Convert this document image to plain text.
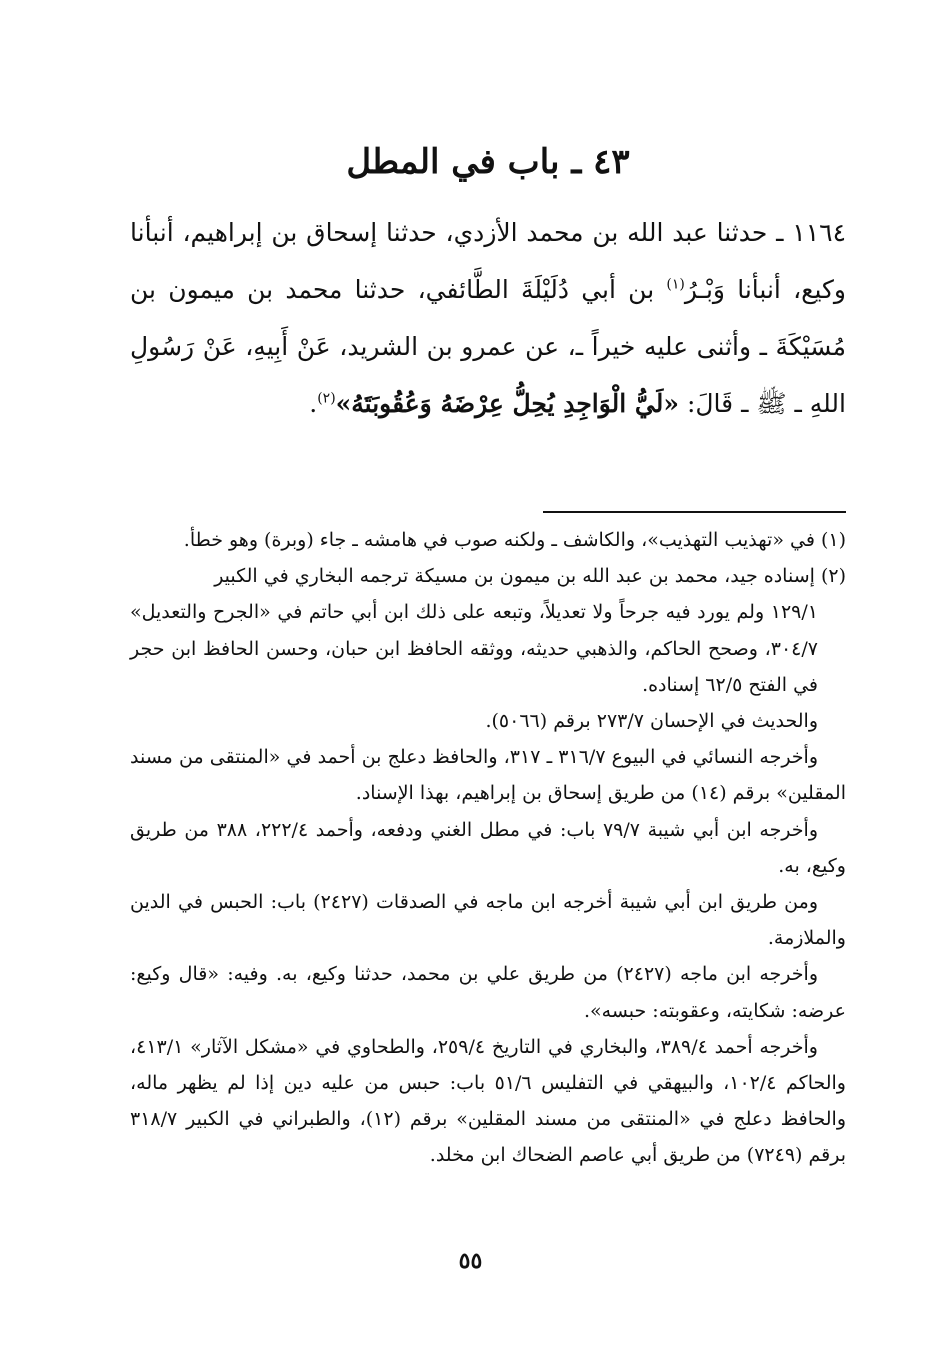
٤٣ ـ باب في المطل

١١٦٤ ـ حدثنا عبد الله بن محمد الأزدي، حدثنا إسحاق بن إبراهيم، أنبأنا وكيع، أنبأنا وَبْـرُ$^{(١)}$ بن أبي دُلَيْلَةَ الطَّائفي، حدثنا محمد بن ميمون بن مُسَيْكَةَ ـ وأثنى عليه خيراً ـ، عن عمرو بن الشريد، عَنْ أَبِيهِ، عَنْ رَسُولِ اللهِ ـ ﷺ ـ قَالَ: «لَيُّ الْوَاجِدِ يُحِلُّ عِرْضَهُ وَعُقُوبَتَهُ»$^{(٢)}$.

(١) في «تهذيب التهذيب»، والكاشف ـ ولكنه صوب في هامشه ـ جاء (وبرة) وهو خطأ.

(٢) إسناده جيد، محمد بن عبد الله بن ميمون بن مسيكة ترجمه البخاري في الكبير

١٢٩/١ ولم يورد فيه جرحاً ولا تعديلاً، وتبعه على ذلك ابن أبي حاتم في «الجرح والتعديل» ٣٠٤/٧، وصحح الحاكم، والذهبي حديثه، ووثقه الحافظ ابن حبان، وحسن الحافظ ابن حجر في الفتح ٦٢/٥ إسناده.

والحديث في الإحسان ٢٧٣/٧ برقم (٥٠٦٦).

وأخرجه النسائي في البيوع ٣١٦/٧ ـ ٣١٧، والحافظ دعلج بن أحمد في «المنتقى من مسند المقلين» برقم (١٤) من طريق إسحاق بن إبراهيم، بهذا الإسناد.

وأخرجه ابن أبي شيبة ٧٩/٧ باب: في مطل الغني ودفعه، وأحمد ٢٢٢/٤، ٣٨٨ من طريق وكيع، به.

ومن طريق ابن أبي شيبة أخرجه ابن ماجه في الصدقات (٢٤٢٧) باب: الحبس في الدين والملازمة.

وأخرجه ابن ماجه (٢٤٢٧) من طريق علي بن محمد، حدثنا وكيع، به. وفيه: «قال وكيع: عرضه: شكايته، وعقوبته: حبسه».

وأخرجه أحمد ٣٨٩/٤، والبخاري في التاريخ ٢٥٩/٤، والطحاوي في «مشكل الآثار» ٤١٣/١، والحاكم ١٠٢/٤، والبيهقي في التفليس ٥١/٦ باب: حبس من عليه دين إذا لم يظهر ماله، والحافظ دعلج في «المنتقى من مسند المقلين» برقم (١٢)، والطبراني في الكبير ٣١٨/٧ برقم (٧٢٤٩) من طريق أبي عاصم الضحاك ابن مخلد.

٥٥
